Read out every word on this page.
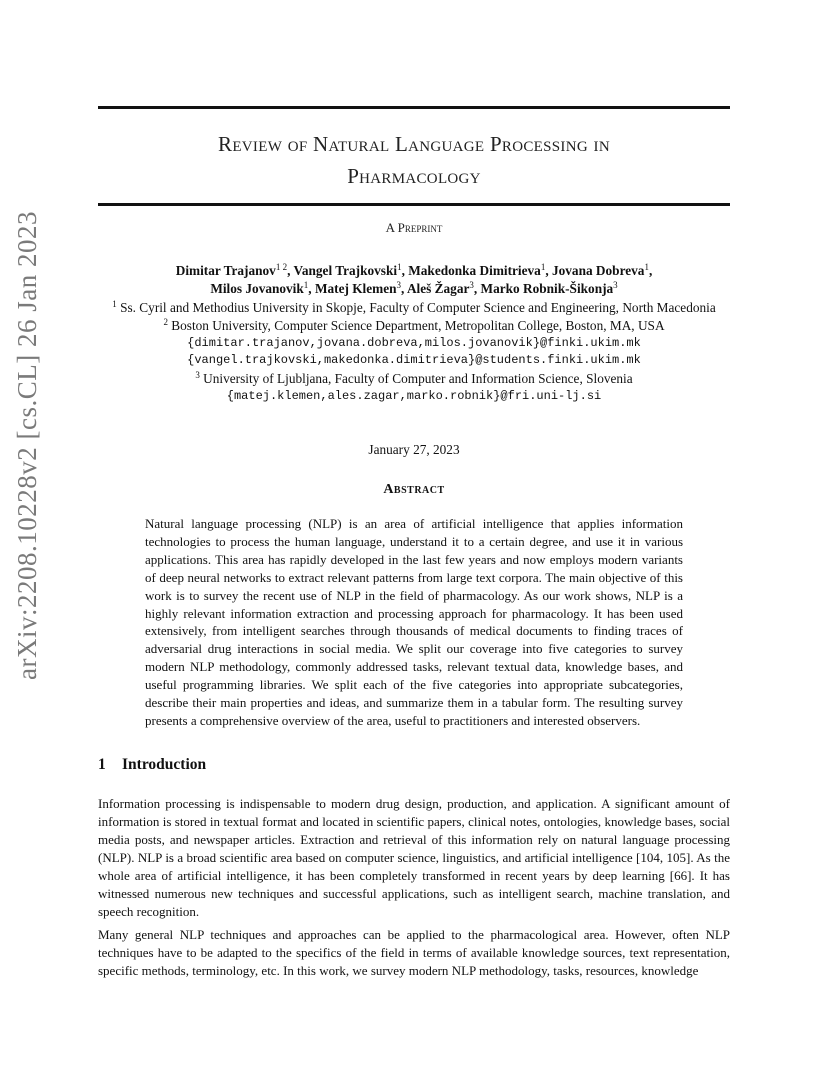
arXiv:2208.10228v2 [cs.CL] 26 Jan 2023
Review of Natural Language Processing in
Pharmacology
A Preprint
Dimitar Trajanov$^{1 2}$, Vangel Trajkovski$^1$, Makedonka Dimitrieva$^1$, Jovana Dobreva$^1$,
Milos Jovanovik$^1$, Matej Klemen$^3$, Aleš Žagar$^3$, Marko Robnik-Šikonja$^3$
$^1$ Ss. Cyril and Methodius University in Skopje, Faculty of Computer Science and Engineering, North Macedonia
$^2$ Boston University, Computer Science Department, Metropolitan College, Boston, MA, USA
{dimitar.trajanov,jovana.dobreva,milos.jovanovik}@finki.ukim.mk
{vangel.trajkovski,makedonka.dimitrieva}@students.finki.ukim.mk
$^3$ University of Ljubljana, Faculty of Computer and Information Science, Slovenia
{matej.klemen,ales.zagar,marko.robnik}@fri.uni-lj.si
January 27, 2023
Abstract
Natural language processing (NLP) is an area of artificial intelligence that applies information technologies to process the human language, understand it to a certain degree, and use it in various applications. This area has rapidly developed in the last few years and now employs modern variants of deep neural networks to extract relevant patterns from large text corpora. The main objective of this work is to survey the recent use of NLP in the field of pharmacology. As our work shows, NLP is a highly relevant information extraction and processing approach for pharmacology. It has been used extensively, from intelligent searches through thousands of medical documents to finding traces of adversarial drug interactions in social media. We split our coverage into five categories to survey modern NLP methodology, commonly addressed tasks, relevant textual data, knowledge bases, and useful programming libraries. We split each of the five categories into appropriate subcategories, describe their main properties and ideas, and summarize them in a tabular form. The resulting survey presents a comprehensive overview of the area, useful to practitioners and interested observers.
1 Introduction
Information processing is indispensable to modern drug design, production, and application. A significant amount of information is stored in textual format and located in scientific papers, clinical notes, ontologies, knowledge bases, social media posts, and newspaper articles. Extraction and retrieval of this information rely on natural language processing (NLP). NLP is a broad scientific area based on computer science, linguistics, and artificial intelligence [104, 105]. As the whole area of artificial intelligence, it has been completely transformed in recent years by deep learning [66]. It has witnessed numerous new techniques and successful applications, such as intelligent search, machine translation, and speech recognition.
Many general NLP techniques and approaches can be applied to the pharmacological area. However, often NLP techniques have to be adapted to the specifics of the field in terms of available knowledge sources, text representation, specific methods, terminology, etc. In this work, we survey modern NLP methodology, tasks, resources, knowledge
